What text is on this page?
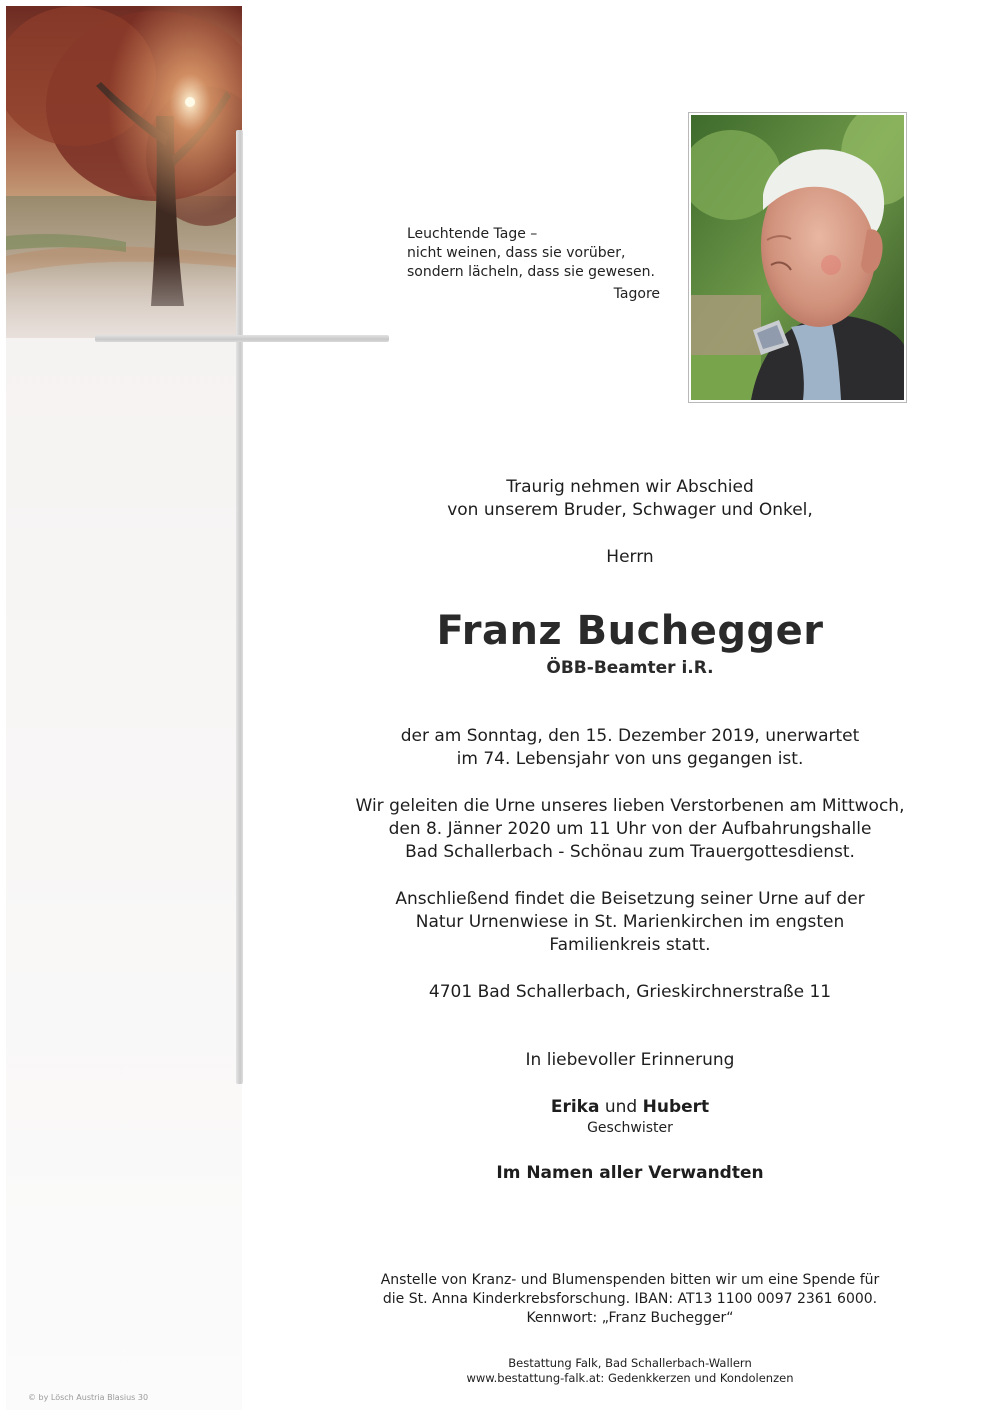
Leuchtende Tage –
nicht weinen, dass sie vorüber,
sondern lächeln, dass sie gewesen.
Tagore
Traurig nehmen wir Abschied
von unserem Bruder, Schwager und Onkel,
Herrn
Franz Buchegger
ÖBB-Beamter i.R.
der am Sonntag, den 15. Dezember 2019, unerwartet
im 74. Lebensjahr von uns gegangen ist.
Wir geleiten die Urne unseres lieben Verstorbenen am Mittwoch,
den 8. Jänner 2020 um 11 Uhr von der Aufbahrungshalle
Bad Schallerbach - Schönau zum Trauergottesdienst.
Anschließend findet die Beisetzung seiner Urne auf der
Natur Urnenwiese in St. Marienkirchen im engsten
Familienkreis statt.
4701 Bad Schallerbach, Grieskirchnerstraße 11
In liebevoller Erinnerung
Erika und Hubert
Geschwister
Im Namen aller Verwandten
Anstelle von Kranz- und Blumenspenden bitten wir um eine Spende für
die St. Anna Kinderkrebsforschung. IBAN: AT13 1100 0097 2361 6000.
Kennwort: „Franz Buchegger“
Bestattung Falk, Bad Schallerbach-Wallern
www.bestattung-falk.at: Gedenkkerzen und Kondolenzen
© by Lösch Austria Blasius 30
